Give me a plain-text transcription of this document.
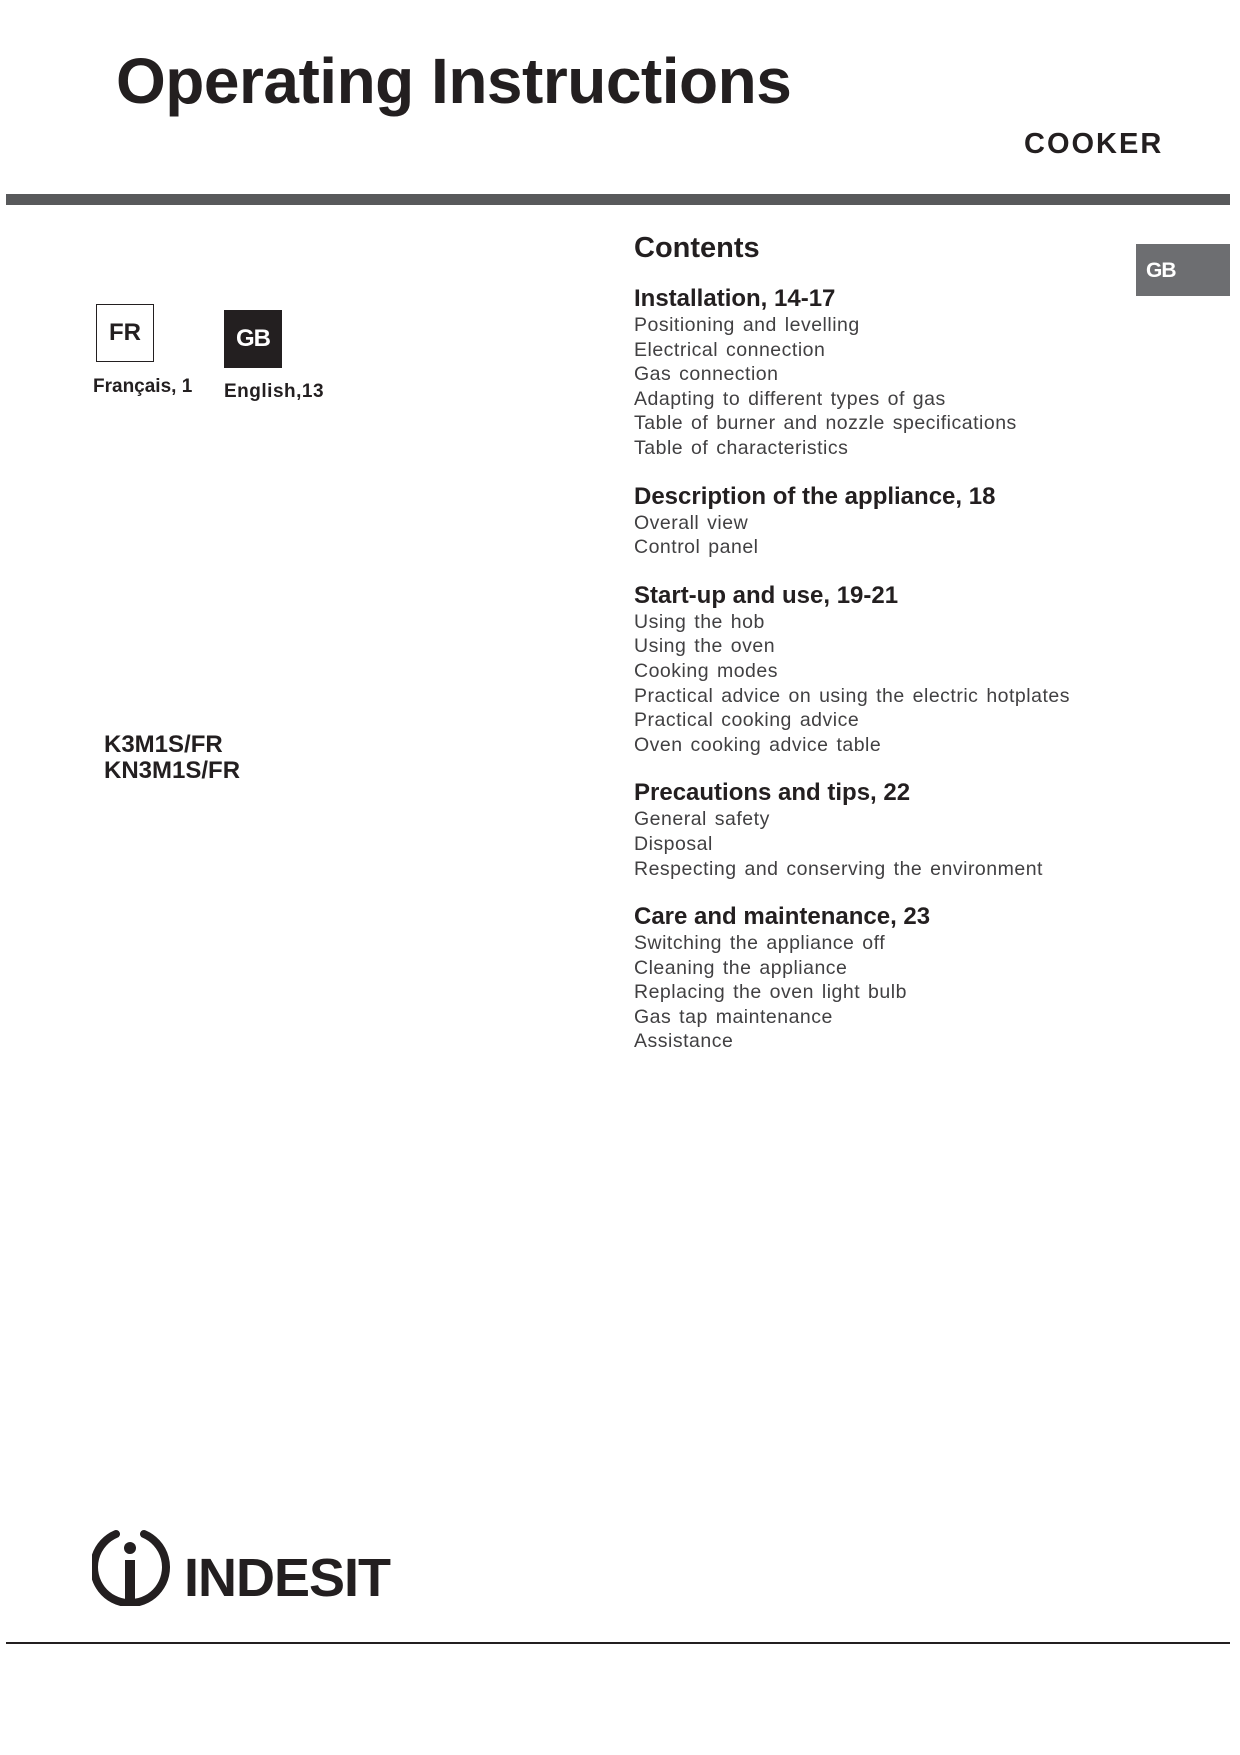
Operating Instructions
COOKER
GB
FR	GB
Français, 1 English,13
K3M1S/FR
KN3M1S/FR
Contents
Installation, 14-17
Positioning and levelling
Electrical connection
Gas connection
Adapting to different types of gas
Table of burner and nozzle specifications
Table of characteristics
Description of the appliance, 18
Overall view
Control panel
Start-up and use, 19-21
Using the hob
Using the oven
Cooking modes
Practical advice on using the electric hotplates
Practical cooking advice
Oven cooking advice table
Precautions and tips, 22
General safety
Disposal
Respecting and conserving the environment
Care and maintenance, 23
Switching the appliance off
Cleaning the appliance
Replacing the oven light bulb
Gas tap maintenance
Assistance
INDESIT
